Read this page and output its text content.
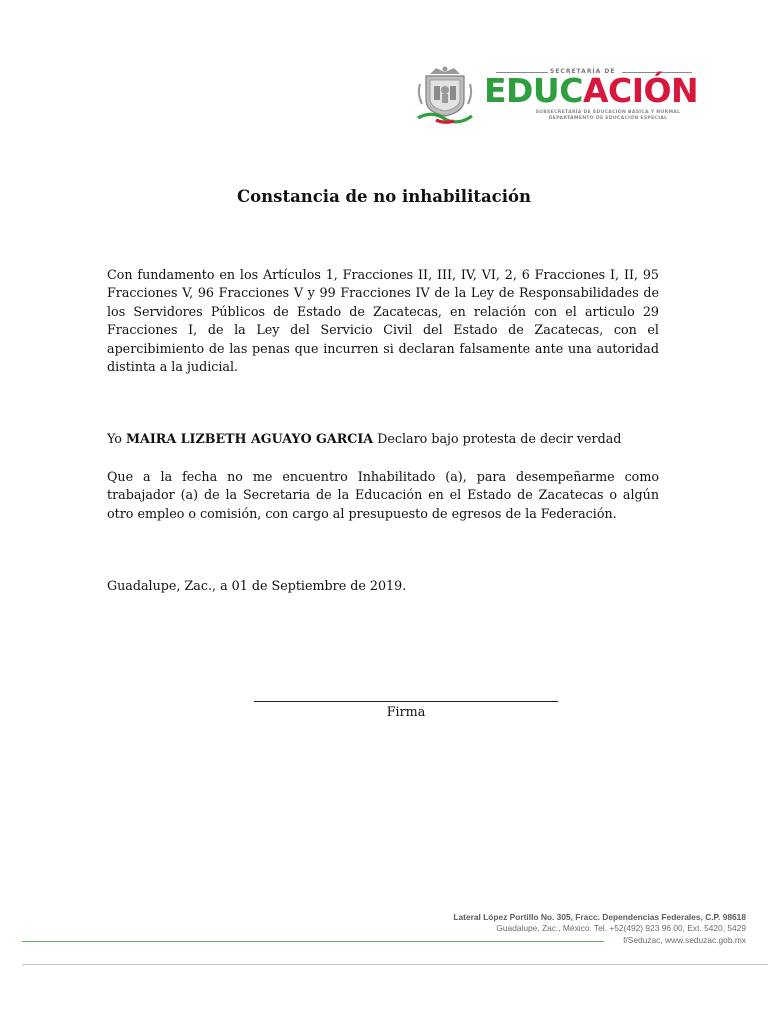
SECRETARÍA DE
EDUCACIÓN
SUBSECRETARÍA DE EDUCACIÓN BÁSICA Y NORMAL
DEPARTAMENTO DE EDUCACIÓN ESPECIAL
Constancia de no inhabilitación

Con fundamento en los Artículos 1, Fracciones II, III, IV, VI, 2, 6 Fracciones I, II, 95 Fracciones V, 96 Fracciones V y 99 Fracciones IV de la Ley de Responsabilidades de los Servidores Públicos de Estado de Zacatecas, en relación con el articulo 29 Fracciones I, de la Ley del Servicio Civil del Estado de Zacatecas, con el apercibimiento de las penas que incurren si declaran falsamente ante una autoridad distinta a la judicial.

Yo MAIRA LIZBETH AGUAYO GARCIA Declaro bajo protesta de decir verdad

Que a la fecha no me encuentro Inhabilitado (a), para desempeñarme como trabajador (a) de la Secretaria de la Educación en el Estado de Zacatecas o algún otro empleo o comisión, con cargo al presupuesto de egresos de la Federación.

Guadalupe, Zac., a 01 de Septiembre de 2019.

Firma
Lateral López Portillo No. 305, Fracc. Dependencias Federales, C.P. 98618
Guadalupe, Zac., México. Tel. +52(492) 923 96 00, Ext. 5420, 5429
f/Seduzac, www.seduzac.gob.mx
